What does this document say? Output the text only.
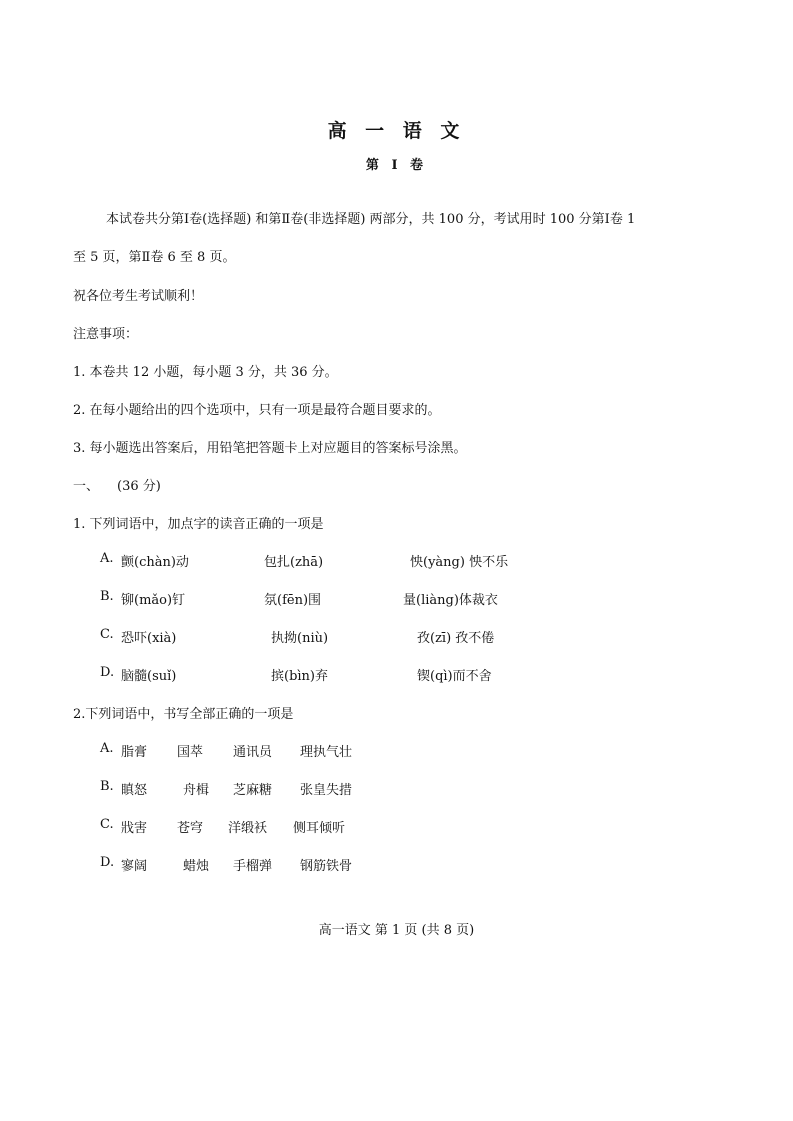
高 一 语 文
第 Ⅰ 卷
本试卷共分第Ⅰ卷(选择题) 和第Ⅱ卷(非选择题) 两部分，共 100 分，考试用时 100 分第Ⅰ卷 1
至 5 页，第Ⅱ卷 6 至 8 页。
祝各位考生考试顺利！
注意事项：
1. 本卷共 12 小题，每小题 3 分，共 36 分。
2. 在每小题给出的四个选项中，只有一项是最符合题目要求的。
3. 每小题选出答案后，用铅笔把答题卡上对应题目的答案标号涂黑。
一、 (36 分)
1. 下列词语中，加点字的读音正确的一项是
A. 颤(chàn)动	包扎(zhā)	怏(yàng) 怏不乐
B. 铆(mǎo)钉	氛(fēn)围	量(liàng)体裁衣
C. 恐吓(xià)	执拗(niù)	孜(zī) 孜不倦
D. 脑髓(suǐ)	摈(bìn)弃	锲(qì)而不舍
2.下列词语中，书写全部正确的一项是
A. 脂膏 国萃 通讯员 理执气壮
B. 瞋怒	舟楫 芝麻糖 张皇失措
C. 戕害 苍穹 洋缎袄 侧耳倾听
D. 寥阔	蜡烛 手榴弹 钢筋铁骨
高一语文 第 1 页 (共 8 页)
